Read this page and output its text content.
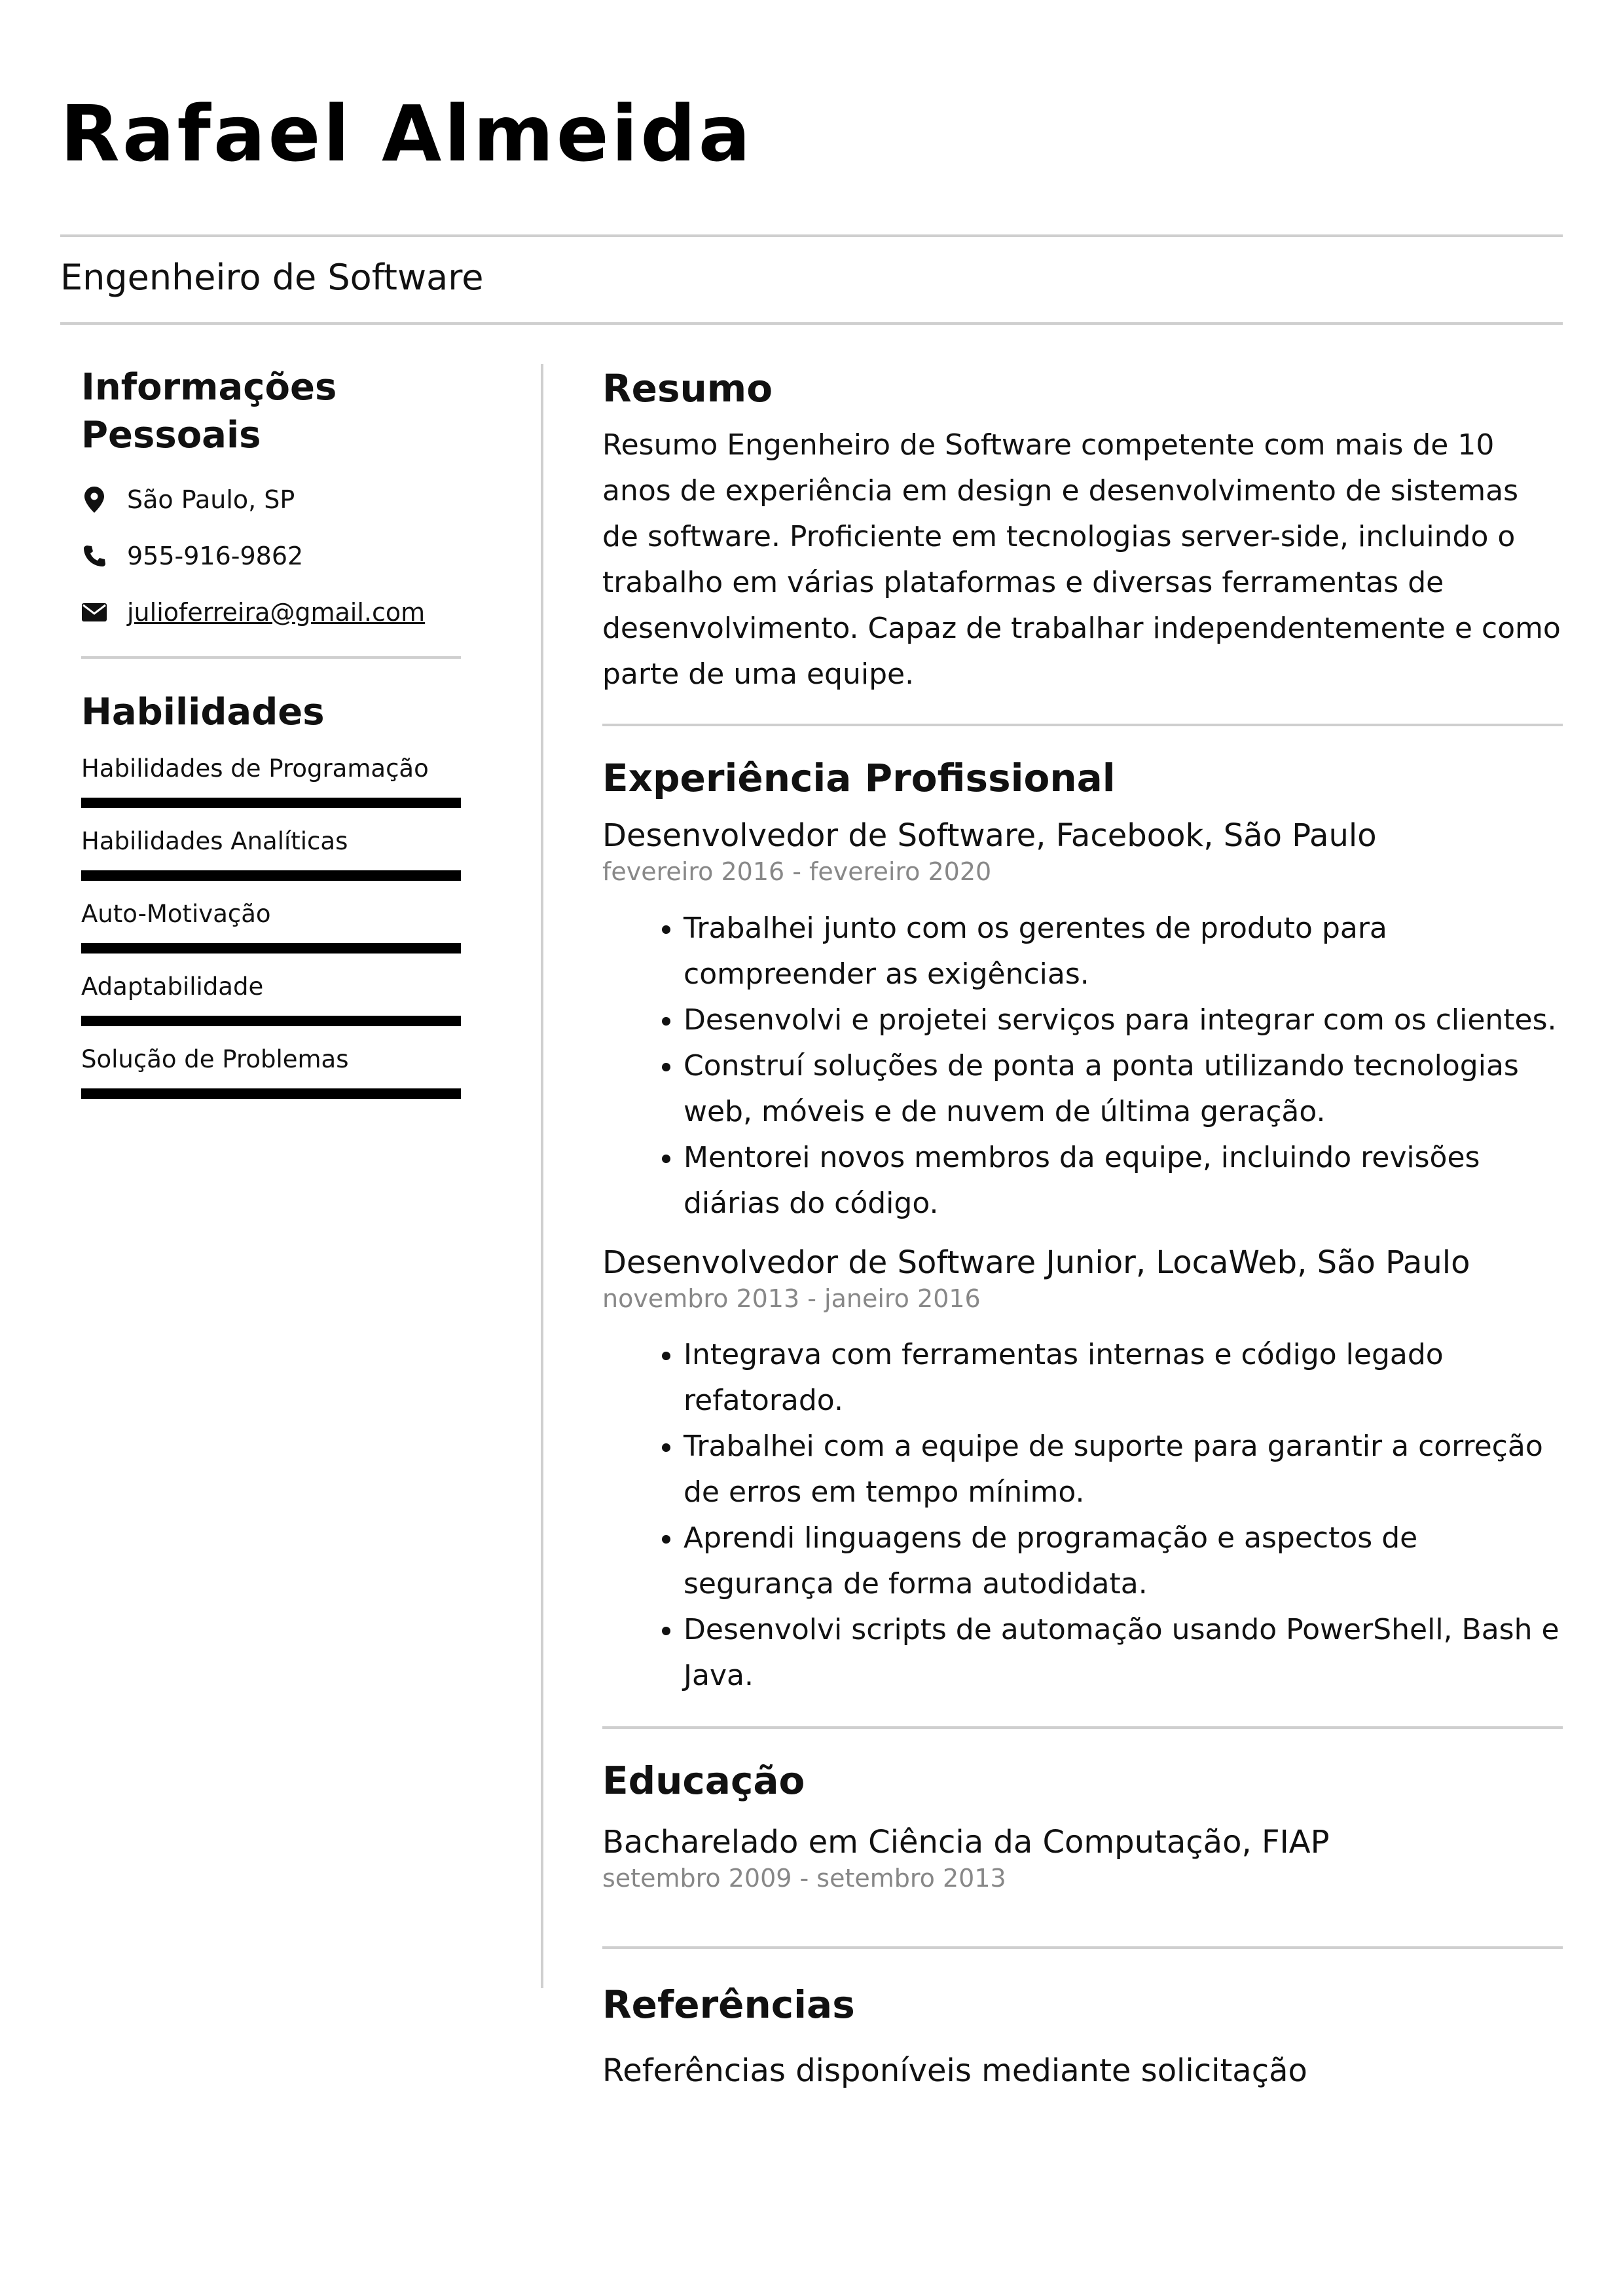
Rafael Almeida
Engenheiro de Software
Informações Pessoais
São Paulo, SP
955-916-9862
julioferreira@gmail.com
Habilidades
Habilidades de Programação
Habilidades Analíticas
Auto-Motivação
Adaptabilidade
Solução de Problemas
Resumo

Resumo Engenheiro de Software competente com mais de 10 anos de experiência em design e desenvolvimento de sistemas de software. Proficiente em tecnologias server-side, incluindo o trabalho em várias plataformas e diversas ferramentas de desenvolvimento. Capaz de trabalhar independentemente e como parte de uma equipe.

Experiência Profissional
Desenvolvedor de Software, Facebook, São Paulo
fevereiro 2016 - fevereiro 2020
• Trabalhei junto com os gerentes de produto para compreender as exigências.
• Desenvolvi e projetei serviços para integrar com os clientes.
• Construí soluções de ponta a ponta utilizando tecnologias web, móveis e de nuvem de última geração.
• Mentorei novos membros da equipe, incluindo revisões diárias do código.
Desenvolvedor de Software Junior, LocaWeb, São Paulo
novembro 2013 - janeiro 2016
• Integrava com ferramentas internas e código legado refatorado.
• Trabalhei com a equipe de suporte para garantir a correção de erros em tempo mínimo.
• Aprendi linguagens de programação e aspectos de segurança de forma autodidata.
• Desenvolvi scripts de automação usando PowerShell, Bash e Java.
Educação
Bacharelado em Ciência da Computação, FIAP
setembro 2009 - setembro 2013
Referências

Referências disponíveis mediante solicitação
